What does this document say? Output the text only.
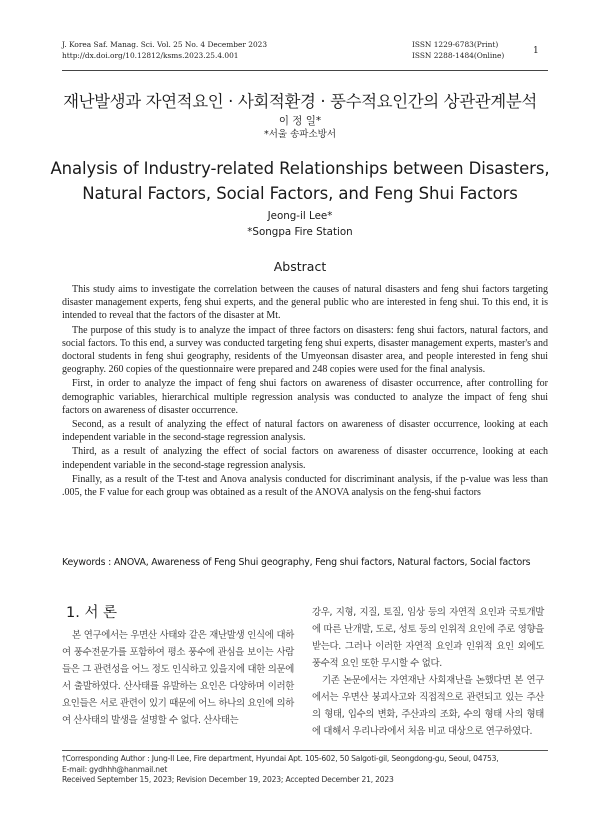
J. Korea Saf. Manag. Sci. Vol. 25 No. 4 December 2023
http://dx.doi.org/10.12812/ksms.2023.25.4.001
ISSN 1229-6783(Print)
ISSN 2288-1484(Online)	1
재난발생과 자연적요인 · 사회적환경 · 풍수적요인간의 상관관계분석
이 정 일*
*서울 송파소방서
Analysis of Industry-related Relationships between Disasters,
Natural Factors, Social Factors, and Feng Shui Factors
Jeong-il Lee*
*Songpa Fire Station
Abstract

This study aims to investigate the correlation between the causes of natural disasters and feng shui factors targeting disaster management experts, feng shui experts, and the general public who are interested in feng shui. To this end, it is intended to reveal that the factors of the disaster at Mt.

The purpose of this study is to analyze the impact of three factors on disasters: feng shui factors, natural factors, and social factors. To this end, a survey was conducted targeting feng shui experts, disaster management experts, master's and doctoral students in feng shui geography, residents of the Umyeonsan disaster area, and people interested in feng shui geography. 260 copies of the questionnaire were prepared and 248 copies were used for the final analysis.

First, in order to analyze the impact of feng shui factors on awareness of disaster occurrence, after controlling for demographic variables, hierarchical multiple regression analysis was conducted to analyze the impact of feng shui factors on awareness of disaster occurrence.

Second, as a result of analyzing the effect of natural factors on awareness of disaster occurrence, looking at each independent variable in the second-stage regression analysis.

Third, as a result of analyzing the effect of social factors on awareness of disaster occurrence, looking at each independent variable in the second-stage regression analysis.

Finally, as a result of the T-test and Anova analysis conducted for discriminant analysis, if the p-value was less than .005, the F value for each group was obtained as a result of the ANOVA analysis on the feng-shui factors

Keywords : ANOVA, Awareness of Feng Shui geography, Feng shui factors, Natural factors, Social factors
1. 서 론

본 연구에서는 우면산 사태와 같은 재난발생 인식에 대하여 풍수전문가를 포함하여 평소 풍수에 관심을 보이는 사람들은 그 관련성을 어느 정도 인식하고 있을지에 대한 의문에서 출발하였다. 산사태를 유발하는 요인은 다양하며 이러한 요인들은 서로 관련이 있기 때문에 어느 하나의 요인에 의하여 산사태의 발생을 설명할 수 없다. 산사태는

강우, 지형, 지질, 토질, 임상 등의 자연적 요인과 국토개발에 따른 난개발, 도로, 성토 등의 인위적 요인에 주로 영향을 받는다. 그러나 이러한 자연적 요인과 인위적 요인 외에도 풍수적 요인 또한 무시할 수 없다.

기존 논문에서는 자연재난 사회재난을 논했다면 본 연구에서는 우면산 붕괴사고와 직접적으로 관련되고 있는 주산의 형태, 입수의 변화, 주산과의 조화, 수의 형태 사의 형태에 대해서 우리나라에서 처음 비교 대상으로 연구하였다.

†Corresponding Author : Jung-Il Lee, Fire department, Hyundai Apt. 105-602, 50 Salgoti-gil, Seongdong-gu, Seoul, 04753,
E-mail: gydhhh@hanmail.net
Received September 15, 2023; Revision December 19, 2023; Accepted December 21, 2023
